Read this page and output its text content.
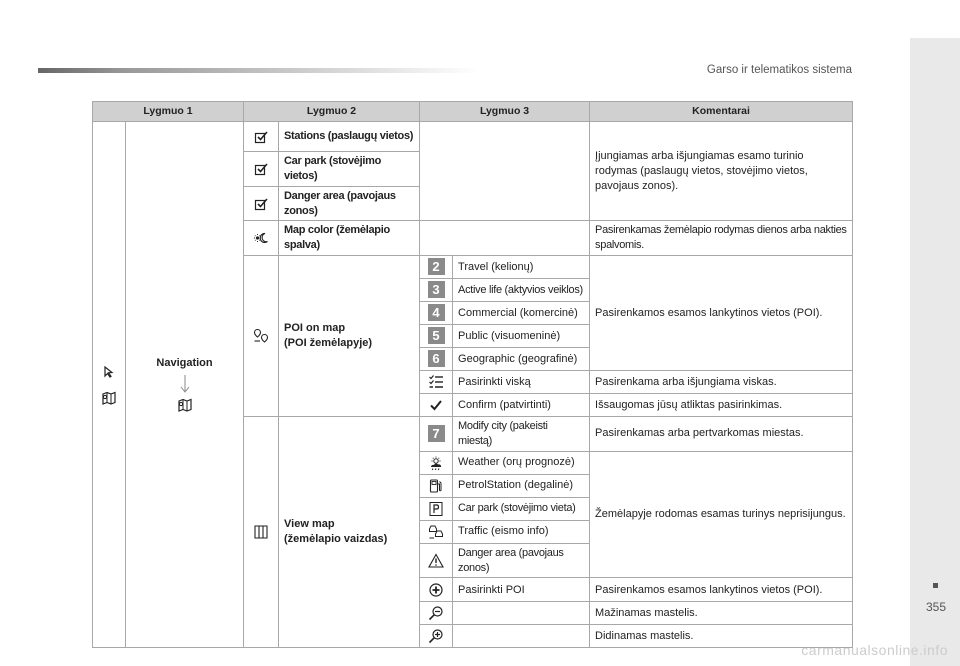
Garso ir telematikos sistema
355
carmanualsonline.info
Lygmuo 1		Lygmuo 2		Lygmuo 3		Komentarai

Navigation		Stations (paslaugų vietos)			Įjungiamas arba išjungiamas esamo turinio rodymas (paslaugų vietos, stovėjimo vietos, pavojaus zonos).

	Car park (stovėjimo vietos)			

	Danger area (pavojaus zonos)			

	Map color (žemėlapio spalva)			Pasirenkamas žemėlapio rodymas dienos arba nakties spalvomis.

POI on map
(POI žemėlapyje)	2	Travel (kelionų)	Pasirenkamos esamos lankytinos vietos (POI).
				3	Active life (aktyvios veiklos)	
				4	Commercial (komercinė)	
				5	Public (visuomeninė)	
				6	Geographic (geografinė)	

	Pasirinkti viską	Pasirenkama arba išjungiama viskas.

	Confirm (patvirtinti)	Išsaugomas jūsų atliktas pasirinkimas.

View map
(žemėlapio vaizdas)	7	Modify city (pakeisti miestą)	Pasirenkamas arba pertvarkomas miestas.

	Weather (orų prognozė)	Žemėlapyje rodomas esamas turinys neprisijungus.

	PetrolStation (degalinė)	

	Car park (stovėjimo vieta)	

	Traffic (eismo info)	

	Danger area (pavojaus zonos)	

	Pasirinkti POI	Pasirenkamos esamos lankytinos vietos (POI).

		Mažinamas mastelis.

		Didinamas mastelis.
